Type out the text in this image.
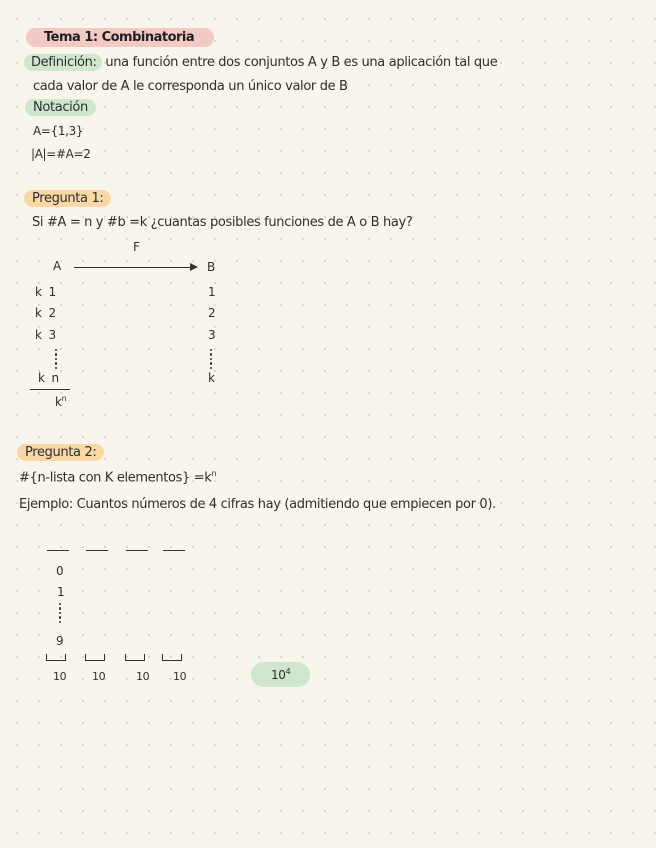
Tema 1: Combinatoria
Definición: una función entre dos conjuntos A y B es una aplicación tal que
cada valor de A le corresponda un único valor de B
Notación
A={1,3}
|A|=#A=2
Pregunta 1:
Si #A = n y #b =k ¿cuantas posibles funciones de A o B hay?
F
A	B
k 1
k 2
k 3
k n
$k^n$
1
2
3
k
Pregunta 2:
#{n-lista con K elementos} $=k^n$
Ejemplo: Cuantos números de 4 cifras hay (admitiendo que empiecen por 0).
0
1
9
10 10	10 10	$10^4$
